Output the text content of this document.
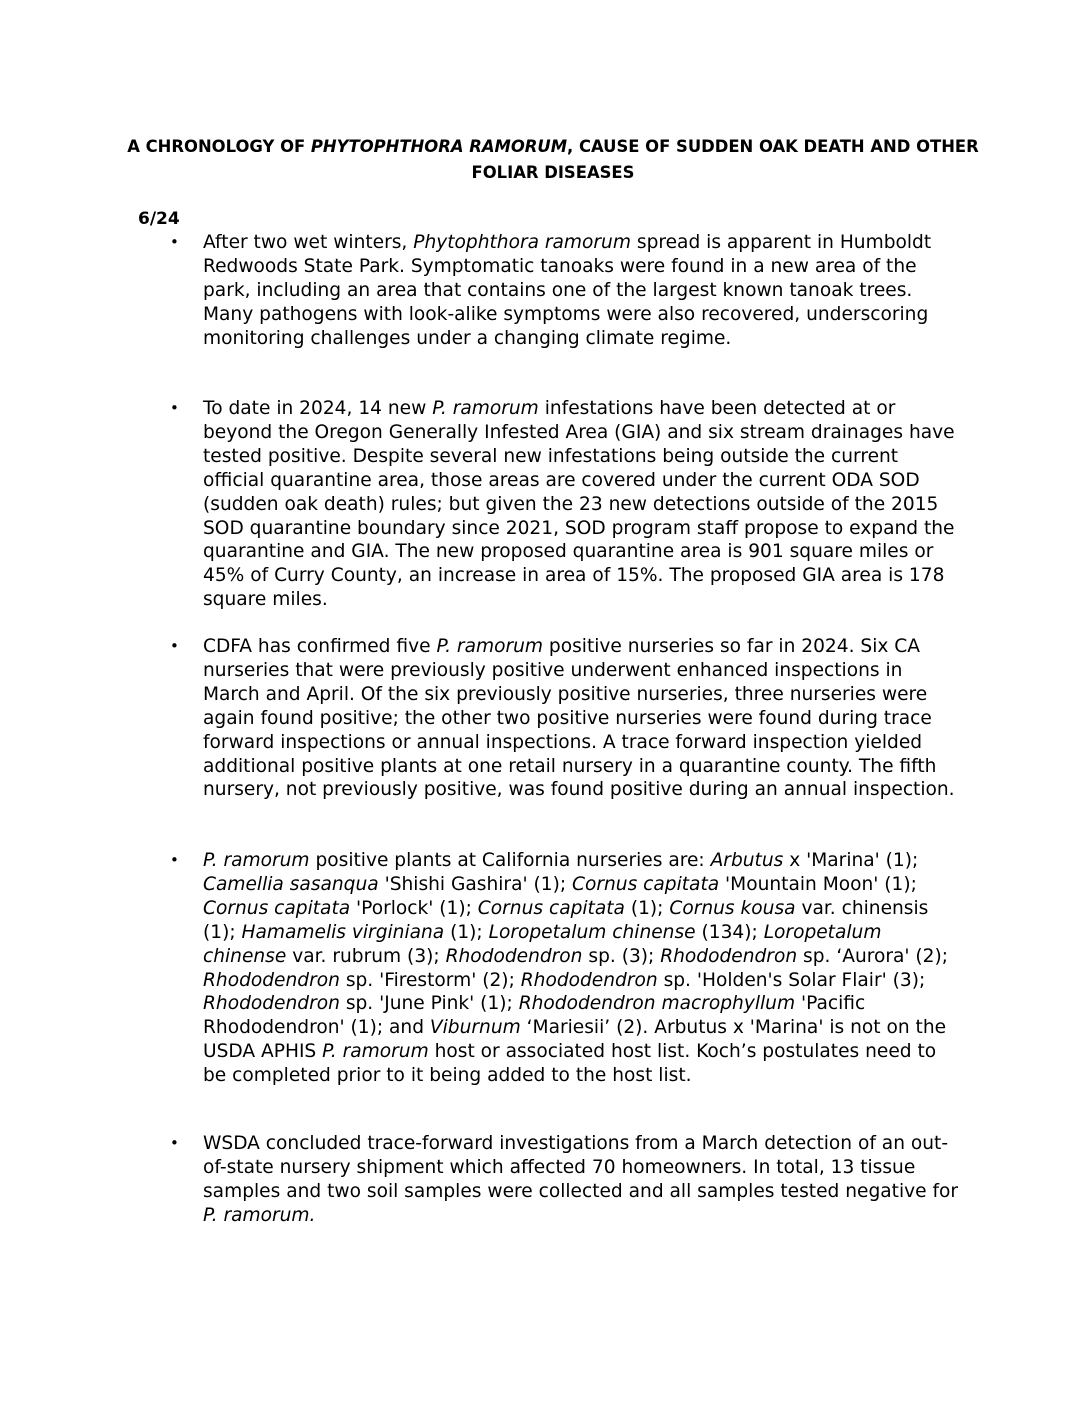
A CHRONOLOGY OF PHYTOPHTHORA RAMORUM, CAUSE OF SUDDEN OAK DEATH AND OTHER FOLIAR DISEASES
6/24
• After two wet winters, Phytophthora ramorum spread is apparent in Humboldt Redwoods State Park. Symptomatic tanoaks were found in a new area of the park, including an area that contains one of the largest known tanoak trees. Many pathogens with look-alike symptoms were also recovered, underscoring monitoring challenges under a changing climate regime.
• To date in 2024, 14 new P. ramorum infestations have been detected at or beyond the Oregon Generally Infested Area (GIA) and six stream drainages have tested positive. Despite several new infestations being outside the current official quarantine area, those areas are covered under the current ODA SOD (sudden oak death) rules; but given the 23 new detections outside of the 2015 SOD quarantine boundary since 2021, SOD program staff propose to expand the quarantine and GIA. The new proposed quarantine area is 901 square miles or 45% of Curry County, an increase in area of 15%. The proposed GIA area is 178 square miles.
• CDFA has confirmed five P. ramorum positive nurseries so far in 2024. Six CA nurseries that were previously positive underwent enhanced inspections in March and April. Of the six previously positive nurseries, three nurseries were again found positive; the other two positive nurseries were found during trace forward inspections or annual inspections. A trace forward inspection yielded additional positive plants at one retail nursery in a quarantine county. The fifth nursery, not previously positive, was found positive during an annual inspection.
• P. ramorum positive plants at California nurseries are: Arbutus x 'Marina' (1); Camellia sasanqua 'Shishi Gashira' (1); Cornus capitata 'Mountain Moon' (1); Cornus capitata 'Porlock' (1); Cornus capitata (1); Cornus kousa var. chinensis (1); Hamamelis virginiana (1); Loropetalum chinense (134); Loropetalum chinense var. rubrum (3); Rhododendron sp. (3); Rhododendron sp. ‘Aurora' (2); Rhododendron sp. 'Firestorm' (2); Rhododendron sp. 'Holden's Solar Flair' (3); Rhododendron sp. 'June Pink' (1); Rhododendron macrophyllum 'Pacific Rhododendron' (1); and Viburnum ‘Mariesii’ (2). Arbutus x 'Marina' is not on the USDA APHIS P. ramorum host or associated host list. Koch’s postulates need to be completed prior to it being added to the host list.
• WSDA concluded trace-forward investigations from a March detection of an out-of-state nursery shipment which affected 70 homeowners. In total, 13 tissue samples and two soil samples were collected and all samples tested negative for P. ramorum.
